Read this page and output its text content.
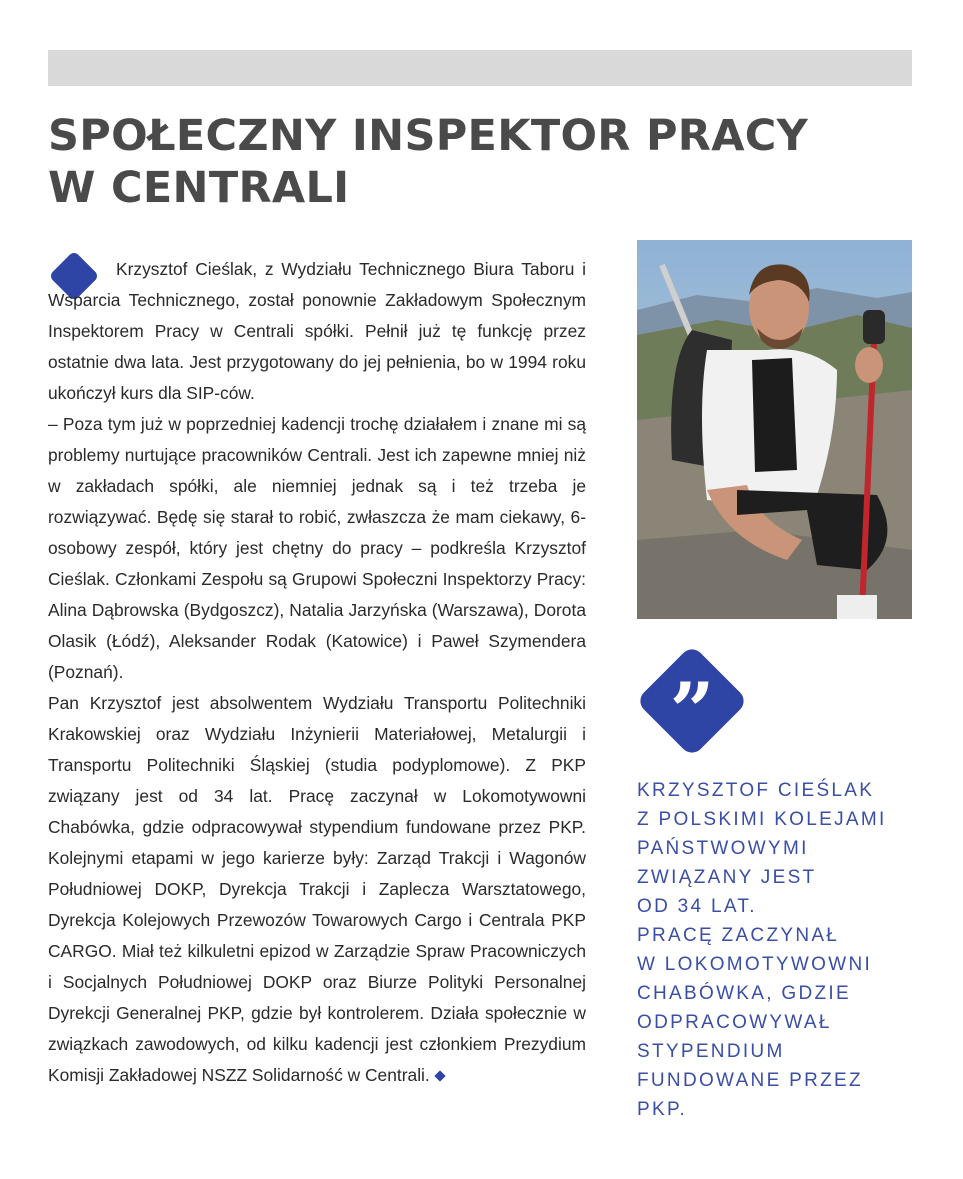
SPOŁECZNY INSPEKTOR PRACY
W CENTRALI

Krzysztof Cieślak, z Wydziału Technicznego Biura Taboru i Wsparcia Technicznego, został ponownie Zakładowym Społecznym Inspektorem Pracy w Centrali spółki. Pełnił już tę funkcję przez ostatnie dwa lata. Jest przygotowany do jej pełnienia, bo w 1994 roku ukończył kurs dla SIP-ców.

– Poza tym już w poprzedniej kadencji trochę działałem i znane mi są problemy nurtujące pracowników Centrali. Jest ich zapewne mniej niż w zakładach spółki, ale niemniej jednak są i też trzeba je rozwiązywać. Będę się starał to robić, zwłaszcza że mam ciekawy, 6-osobowy zespół, który jest chętny do pracy – podkreśla Krzysztof Cieślak. Członkami Zespołu są Grupowi Społeczni Inspektorzy Pracy: Alina Dąbrowska (Bydgoszcz), Natalia Jarzyńska (Warszawa), Dorota Olasik (Łódź), Aleksander Rodak (Katowice) i Paweł Szymendera (Poznań).

Pan Krzysztof jest absolwentem Wydziału Transportu Politechniki Krakowskiej oraz Wydziału Inżynierii Materiałowej, Metalurgii i Transportu Politechniki Śląskiej (studia podyplomowe). Z PKP związany jest od 34 lat. Pracę zaczynał w Lokomotywowni Chabówka, gdzie odpracowywał stypendium fundowane przez PKP. Kolejnymi etapami w jego karierze były: Zarząd Trakcji i Wagonów Południowej DOKP, Dyrekcja Trakcji i Zaplecza Warsztatowego, Dyrekcja Kolejowych Przewozów Towarowych Cargo i Centrala PKP CARGO. Miał też kilkuletni epizod w Zarządzie Spraw Pracowniczych i Socjalnych Południowej DOKP oraz Biurze Polityki Personalnej Dyrekcji Generalnej PKP, gdzie był kontrolerem. Działa społecznie w związkach zawodowych, od kilku kadencji jest członkiem Prezydium Komisji Zakładowej NSZZ Solidarność w Centrali.

”
KRZYSZTOF CIEŚLAK
Z POLSKIMI KOLEJAMI
PAŃSTWOWYMI
ZWIĄZANY JEST
OD 34 LAT.
PRACĘ ZACZYNAŁ
W LOKOMOTYWOWNI
CHABÓWKA, GDZIE
ODPRACOWYWAŁ
STYPENDIUM
FUNDOWANE PRZEZ
PKP.
